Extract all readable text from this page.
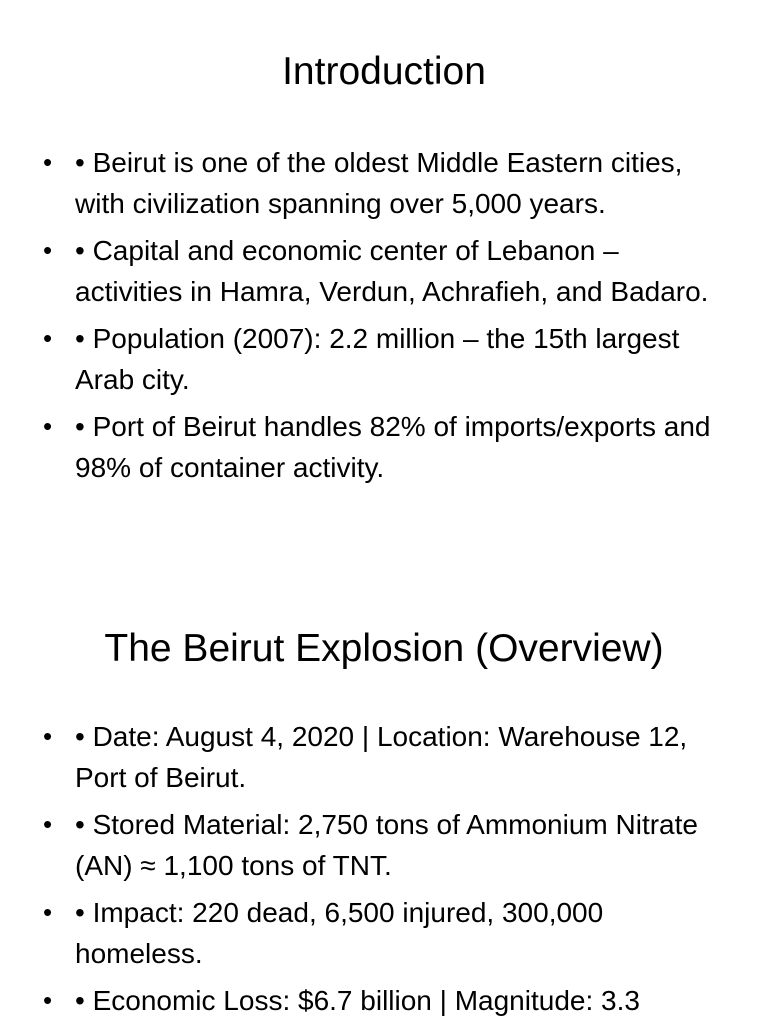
Introduction
• • Beirut is one of the oldest Middle Eastern cities, with civilization spanning over 5,000 years.
• • Capital and economic center of Lebanon – activities in Hamra, Verdun, Achrafieh, and Badaro.
• • Population (2007): 2.2 million – the 15th largest Arab city.
• • Port of Beirut handles 82% of imports/exports and 98% of container activity.
The Beirut Explosion (Overview)
• • Date: August 4, 2020 | Location: Warehouse 12, Port of Beirut.
• • Stored Material: 2,750 tons of Ammonium Nitrate (AN) ≈ 1,100 tons of TNT.
• • Impact: 220 dead, 6,500 injured, 300,000 homeless.
• • Economic Loss: $6.7 billion | Magnitude: 3.3
